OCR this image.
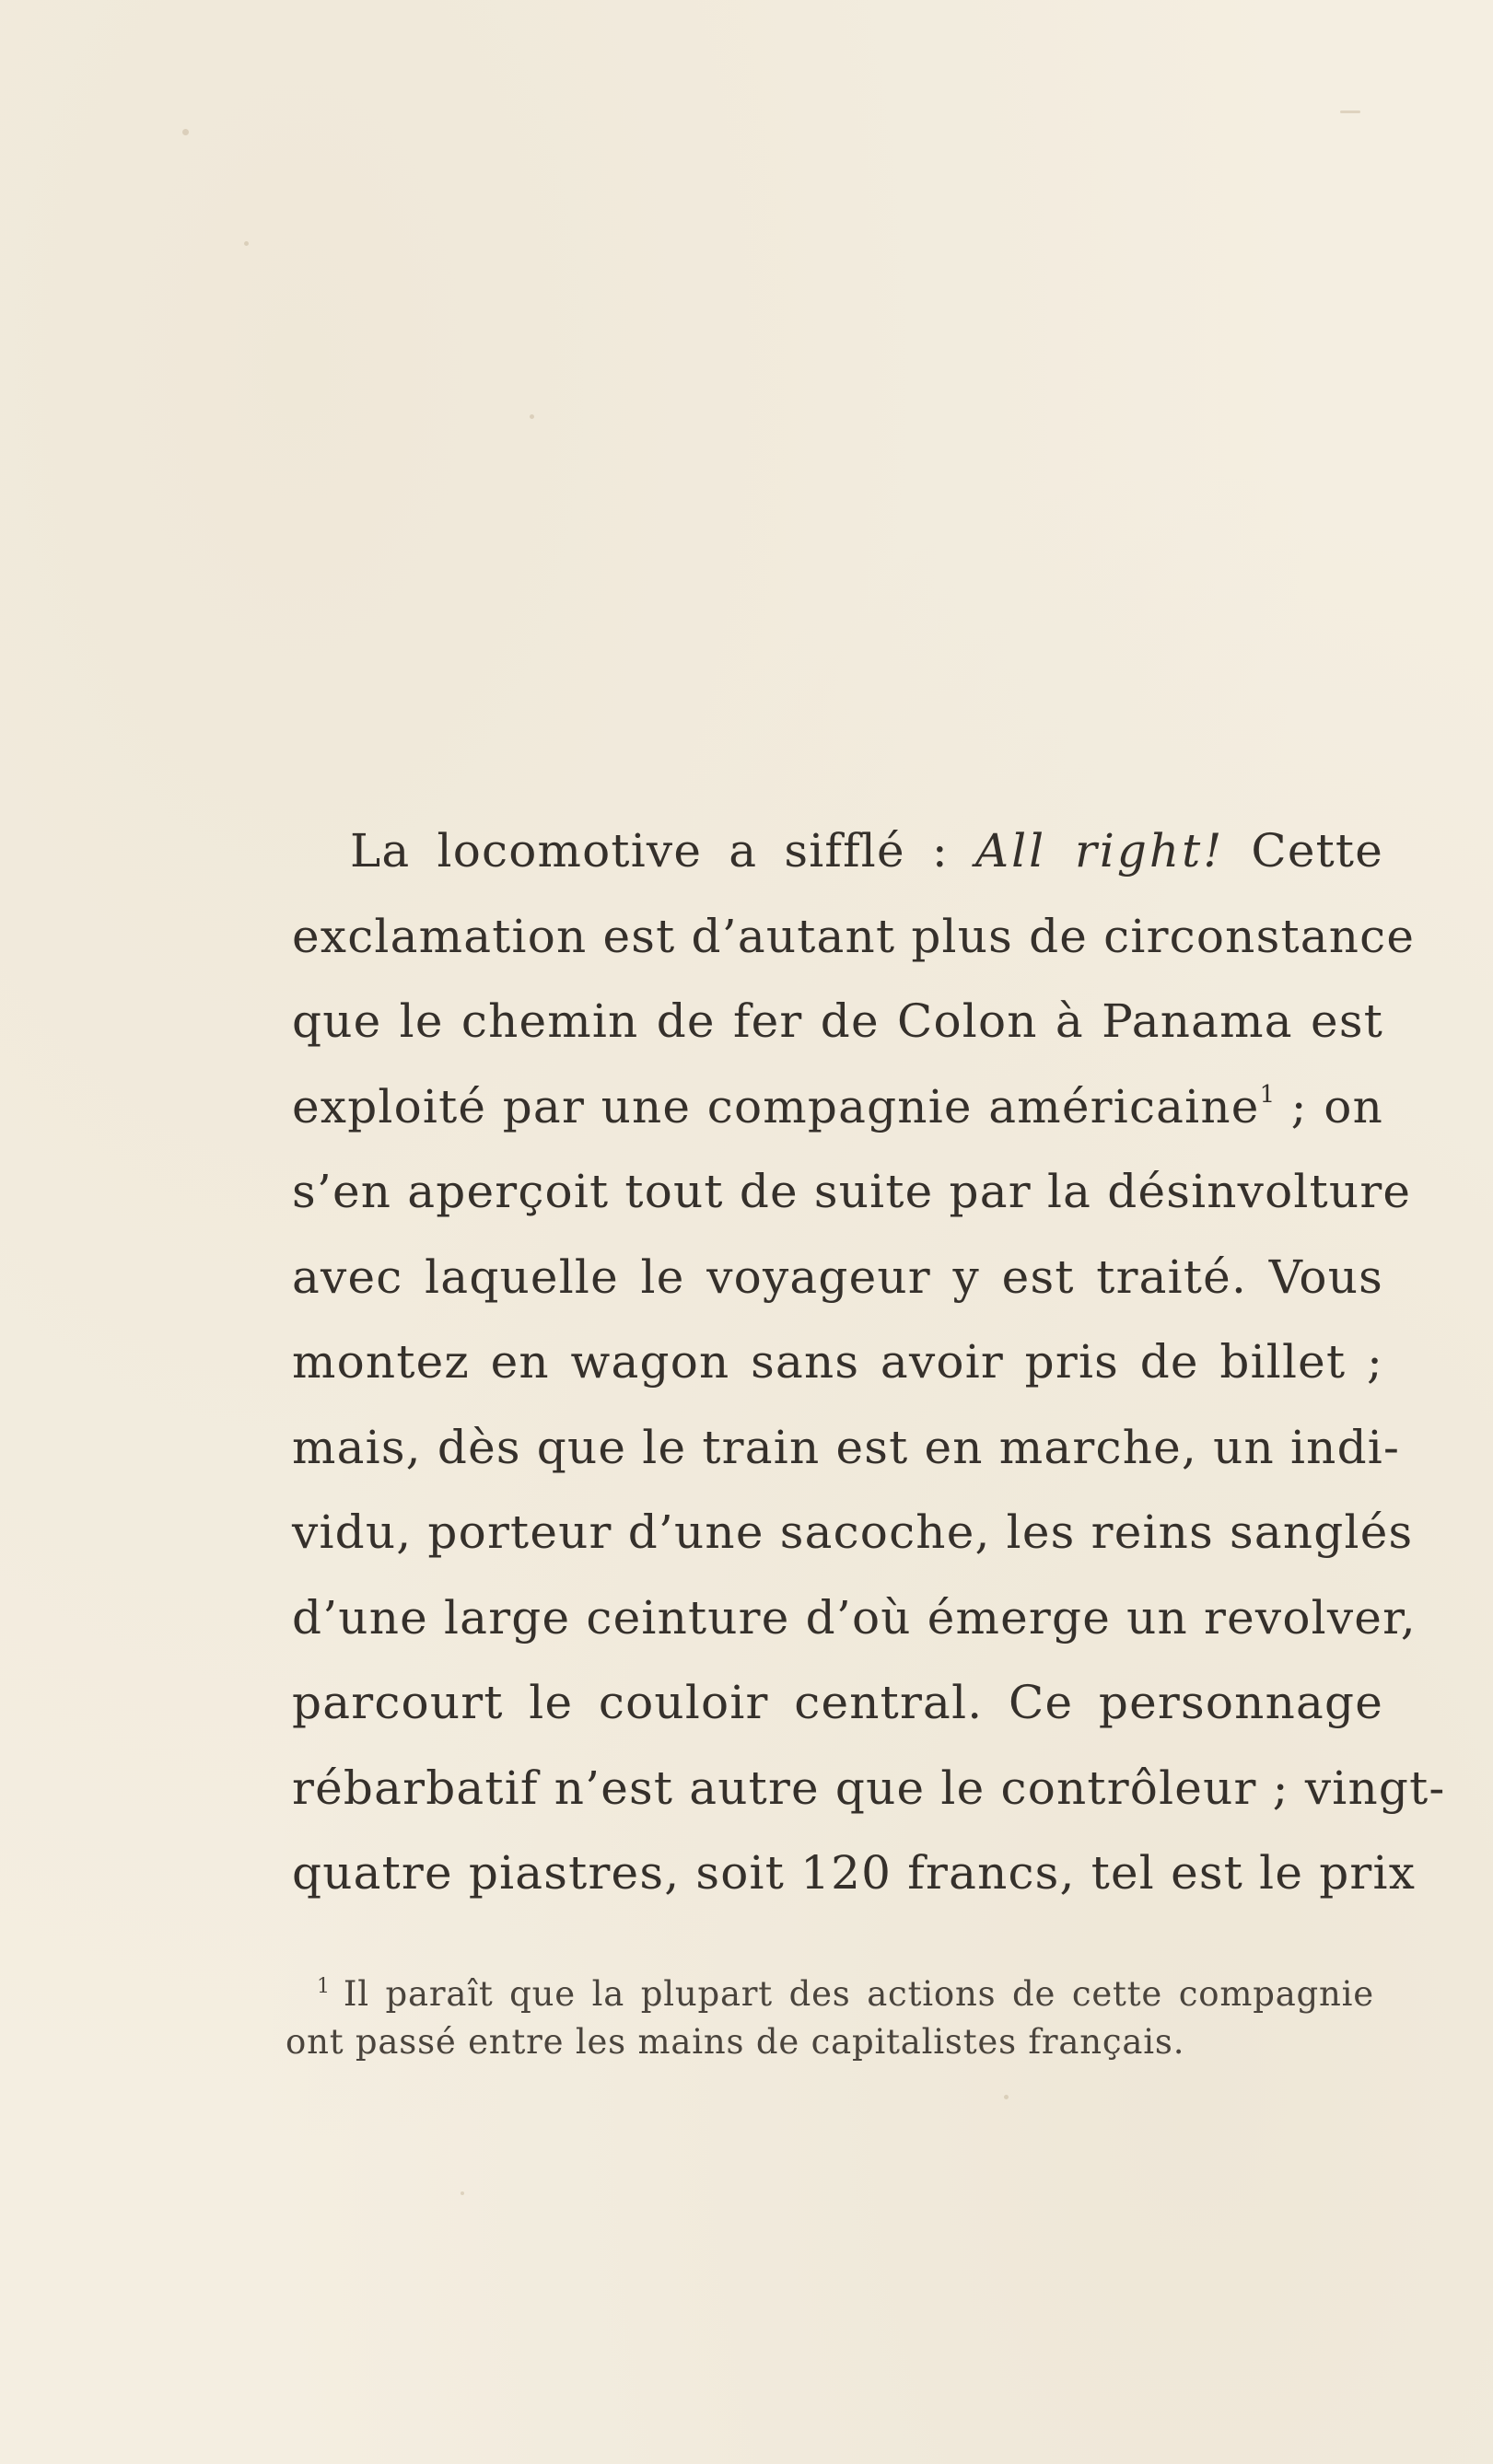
La locomotive a sifflé : All right! Cette
exclamation est d’autant plus de circonstance
que le chemin de fer de Colon à Panama est
exploité par une compagnie américaine$^1$ ; on
s’en aperçoit tout de suite par la désinvolture
avec laquelle le voyageur y est traité. Vous
montez en wagon sans avoir pris de billet ;
mais, dès que le train est en marche, un indi-
vidu, porteur d’une sacoche, les reins sanglés
d’une large ceinture d’où émerge un revolver,
parcourt le couloir central. Ce personnage
rébarbatif n’est autre que le contrôleur ; vingt-
quatre piastres, soit 120 francs, tel est le prix
$^1$ Il paraît que la plupart des actions de cette compagnie
ont passé entre les mains de capitalistes français.
